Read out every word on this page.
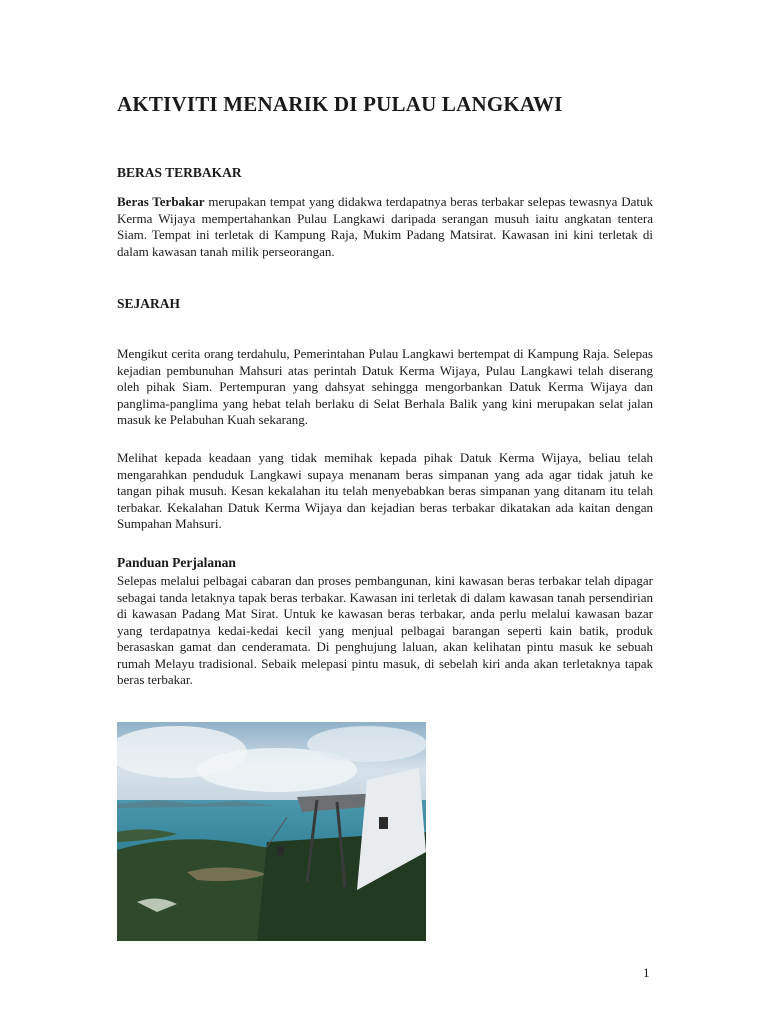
AKTIVITI MENARIK DI PULAU LANGKAWI
BERAS TERBAKAR

Beras Terbakar merupakan tempat yang didakwa terdapatnya beras terbakar selepas tewasnya Datuk Kerma Wijaya mempertahankan Pulau Langkawi daripada serangan musuh iaitu angkatan tentera Siam. Tempat ini terletak di Kampung Raja, Mukim Padang Matsirat. Kawasan ini kini terletak di dalam kawasan tanah milik perseorangan.

SEJARAH

Mengikut cerita orang terdahulu, Pemerintahan Pulau Langkawi bertempat di Kampung Raja. Selepas kejadian pembunuhan Mahsuri atas perintah Datuk Kerma Wijaya, Pulau Langkawi telah diserang oleh pihak Siam. Pertempuran yang dahsyat sehingga mengorbankan Datuk Kerma Wijaya dan panglima-panglima yang hebat telah berlaku di Selat Berhala Balik yang kini merupakan selat jalan masuk ke Pelabuhan Kuah sekarang.

Melihat kepada keadaan yang tidak memihak kepada pihak Datuk Kerma Wijaya, beliau telah mengarahkan penduduk Langkawi supaya menanam beras simpanan yang ada agar tidak jatuh ke tangan pihak musuh. Kesan kekalahan itu telah menyebabkan beras simpanan yang ditanam itu telah terbakar. Kekalahan Datuk Kerma Wijaya dan kejadian beras terbakar dikatakan ada kaitan dengan Sumpahan Mahsuri.

Panduan Perjalanan

Selepas melalui pelbagai cabaran dan proses pembangunan, kini kawasan beras terbakar telah dipagar sebagai tanda letaknya tapak beras terbakar. Kawasan ini terletak di dalam kawasan tanah persendirian di kawasan Padang Mat Sirat. Untuk ke kawasan beras terbakar, anda perlu melalui kawasan bazar yang terdapatnya kedai-kedai kecil yang menjual pelbagai barangan seperti kain batik, produk berasaskan gamat dan cenderamata. Di penghujung laluan, akan kelihatan pintu masuk ke sebuah rumah Melayu tradisional. Sebaik melepasi pintu masuk, di sebelah kiri anda akan terletaknya tapak beras terbakar.

1
